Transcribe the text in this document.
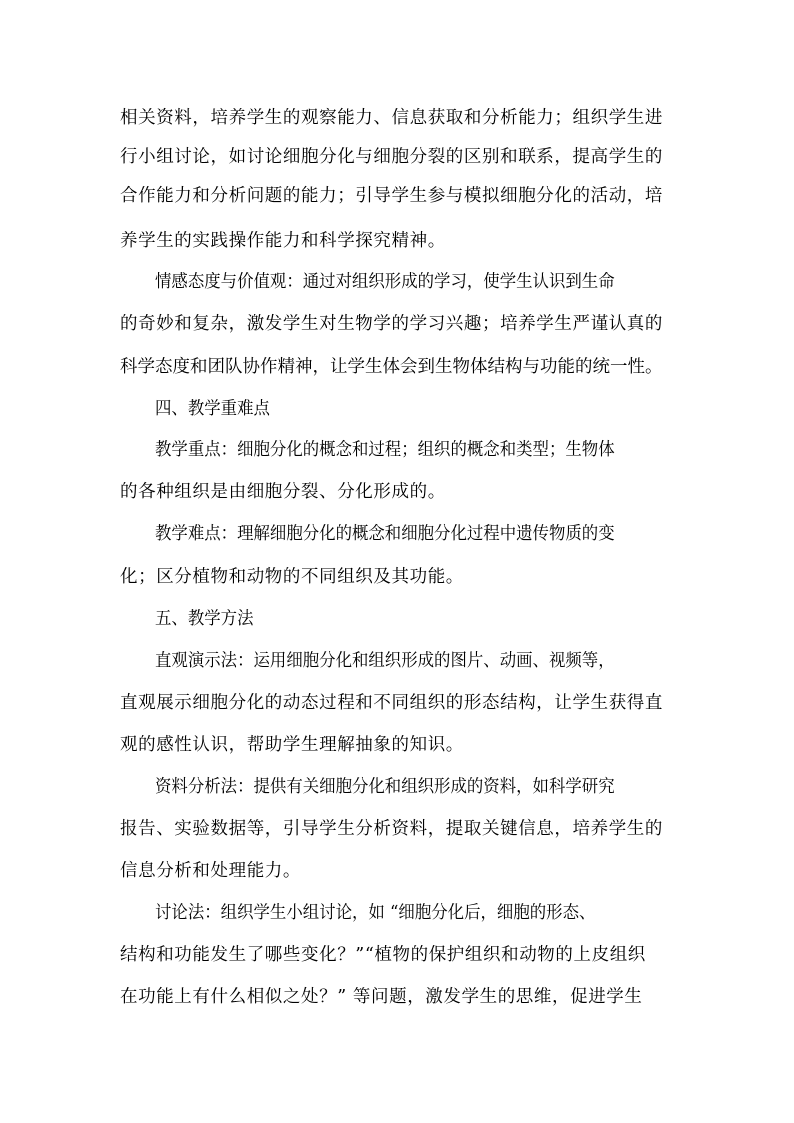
相关资料，培养学生的观察能力、信息获取和分析能力；组织学生进
行小组讨论，如讨论细胞分化与细胞分裂的区别和联系，提高学生的
合作能力和分析问题的能力；引导学生参与模拟细胞分化的活动，培
养学生的实践操作能力和科学探究精神。
情感态度与价值观：通过对组织形成的学习，使学生认识到生命
的奇妙和复杂，激发学生对生物学的学习兴趣；培养学生严谨认真的
科学态度和团队协作精神，让学生体会到生物体结构与功能的统一性。
四、教学重难点
教学重点：细胞分化的概念和过程；组织的概念和类型；生物体
的各种组织是由细胞分裂、分化形成的。
教学难点：理解细胞分化的概念和细胞分化过程中遗传物质的变
化；区分植物和动物的不同组织及其功能。
五、教学方法
直观演示法：运用细胞分化和组织形成的图片、动画、视频等，
直观展示细胞分化的动态过程和不同组织的形态结构，让学生获得直
观的感性认识，帮助学生理解抽象的知识。
资料分析法：提供有关细胞分化和组织形成的资料，如科学研究
报告、实验数据等，引导学生分析资料，提取关键信息，培养学生的
信息分析和处理能力。
讨论法：组织学生小组讨论，如 “细胞分化后，细胞的形态、
结构和功能发生了哪些变化？”“植物的保护组织和动物的上皮组织
在功能上有什么相似之处？” 等问题，激发学生的思维，促进学生
